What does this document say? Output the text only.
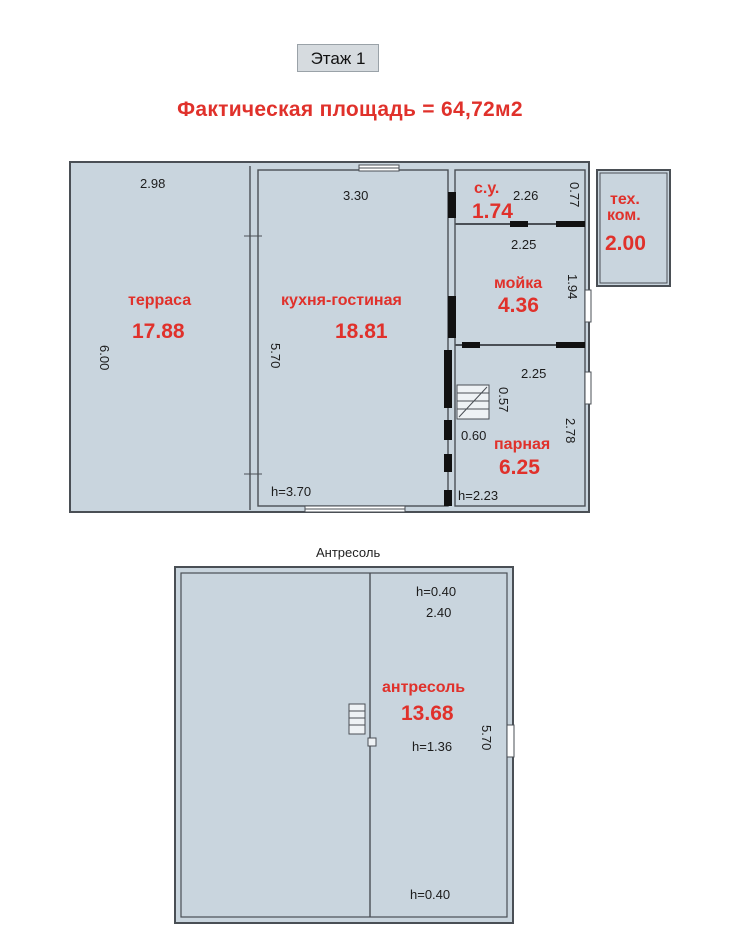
Этаж 1
Фактическая площадь = 64,72м2
Антресоль
2.98
6.00
3.30
5.70
h=3.70
2.26 0.77
2.25
1.94
2.25
0.57
0.60	2.78
h=2.23
терраса
17.88
кухня-гостиная
18.81
с.у.
1.74
тех.
ком.
2.00
мойка
4.36
парная
6.25
h=0.40
2.40
5.70
h=1.36
h=0.40
антресоль
13.68
